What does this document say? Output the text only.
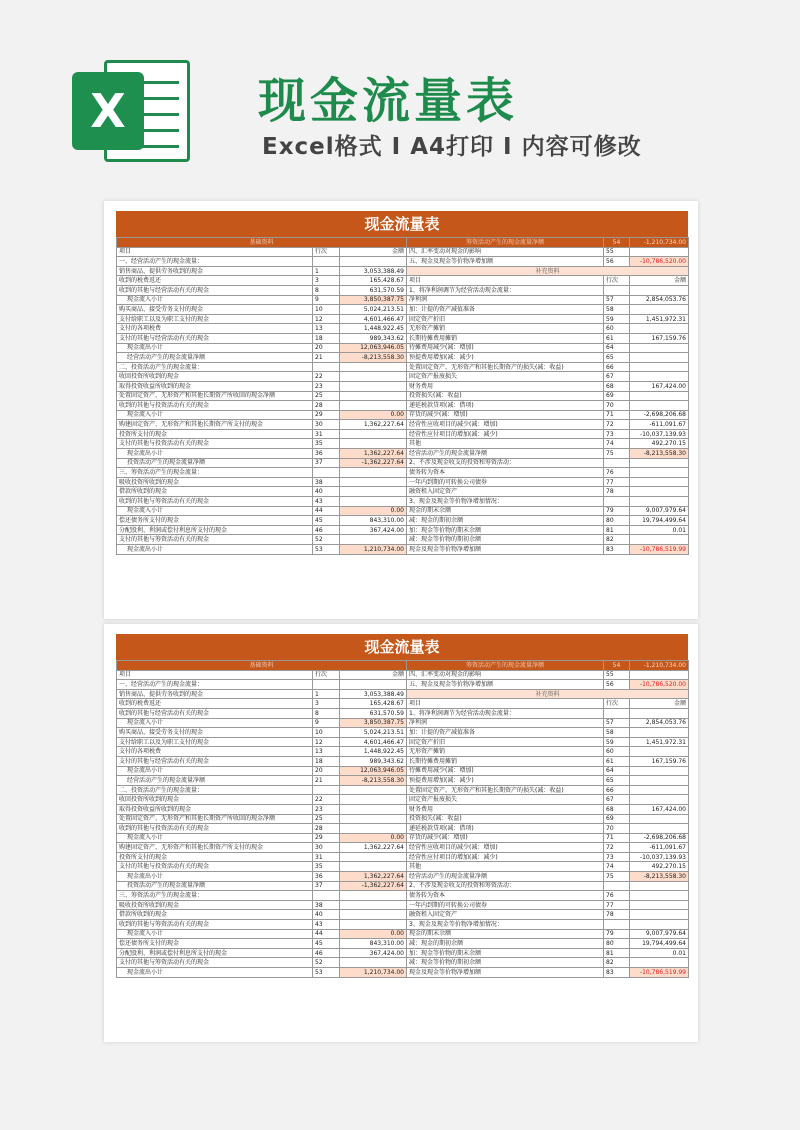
X	现金流量表
Excel格式 I A4打印 I 内容可修改
现金流量表
基础资料			筹资活动产生的现金流量净额	54	-1,210,734.00
项目	行次	金额	四、汇率变动对现金的影响	55	
一、经营活动产生的现金流量：			五、现金及现金等价物净增加额	56	-10,786,520.00
销售商品、提供劳务收到的现金	1	3,053,388.49	补充资料		
收到的税费返还	3	165,428.67	项目	行次	金额
收到的其他与经营活动有关的现金	8	631,570.59	1、将净利润调节为经营活动现金流量：		
现金流入小计	9	3,850,387.75	净利润	57	2,854,053.76
购买商品、接受劳务支付的现金	10	5,024,213.51	加：计提的资产减值准备	58	
支付给职工以及为职工支付的现金	12	4,601,466.47	固定资产折旧	59	1,451,972.31
支付的各项税费	13	1,448,922.45	无形资产摊销	60	
支付的其他与经营活动有关的现金	18	989,343.62	长期待摊费用摊销	61	167,159.76
现金流出小计	20	12,063,946.05	待摊费用减少(减：增加)	64	
经营活动产生的现金流量净额	21	-8,213,558.30	预提费用增加(减：减少)	65	
二、投资活动产生的现金流量：			处置固定资产、无形资产和其他长期资产的损失(减：收益)	66	
收回投资所收到的现金	22		固定资产报废损失	67	
取得投资收益所收到的现金	23		财务费用	68	167,424.00
处置固定资产、无形资产和其他长期资产所收回的现金净额	25		投资损失(减：收益)	69	
收到的其他与投资活动有关的现金	28		递延税款贷项(减：借项)	70	
现金流入小计	29	0.00	存货的减少(减：增加)	71	-2,698,206.68
购建固定资产、无形资产和其他长期资产所支付的现金	30	1,362,227.64	经营性应收项目的减少(减：增加)	72	-611,091.67
投资所支付的现金	31		经营性应付项目的增加(减：减少)	73	-10,037,139.93
支付的其他与投资活动有关的现金	35		其他	74	492,270.15
现金流出小计	36	1,362,227.64	经营活动产生的现金流量净额	75	-8,213,558.30
投资活动产生的现金流量净额	37	-1,362,227.64	2、不涉及现金收支的投资和筹资活动：		
三、筹资活动产生的现金流量：			债务转为资本	76	
吸收投资所收到的现金	38		一年内到期的可转换公司债券	77	
借款所收到的现金	40		融资租入固定资产	78	
收到的其他与筹资活动有关的现金	43		3、现金及现金等价物净增加情况：		
现金流入小计	44	0.00	现金的期末余额	79	9,007,979.64
偿还债务所支付的现金	45	843,310.00	减：现金的期初余额	80	19,794,499.64
分配股利、利润或偿付利息所支付的现金	46	367,424.00	加：现金等价物的期末余额	81	0.01
支付的其他与筹资活动有关的现金	52		减：现金等价物的期初余额	82	
现金流出小计	53	1,210,734.00	现金及现金等价物净增加额	83	-10,786,519.99
现金流量表
基础资料			筹资活动产生的现金流量净额	54	-1,210,734.00
项目	行次	金额	四、汇率变动对现金的影响	55	
一、经营活动产生的现金流量：			五、现金及现金等价物净增加额	56	-10,786,520.00
销售商品、提供劳务收到的现金	1	3,053,388.49	补充资料		
收到的税费返还	3	165,428.67	项目	行次	金额
收到的其他与经营活动有关的现金	8	631,570.59	1、将净利润调节为经营活动现金流量：		
现金流入小计	9	3,850,387.75	净利润	57	2,854,053.76
购买商品、接受劳务支付的现金	10	5,024,213.51	加：计提的资产减值准备	58	
支付给职工以及为职工支付的现金	12	4,601,466.47	固定资产折旧	59	1,451,972.31
支付的各项税费	13	1,448,922.45	无形资产摊销	60	
支付的其他与经营活动有关的现金	18	989,343.62	长期待摊费用摊销	61	167,159.76
现金流出小计	20	12,063,946.05	待摊费用减少(减：增加)	64	
经营活动产生的现金流量净额	21	-8,213,558.30	预提费用增加(减：减少)	65	
二、投资活动产生的现金流量：			处置固定资产、无形资产和其他长期资产的损失(减：收益)	66	
收回投资所收到的现金	22		固定资产报废损失	67	
取得投资收益所收到的现金	23		财务费用	68	167,424.00
处置固定资产、无形资产和其他长期资产所收回的现金净额	25		投资损失(减：收益)	69	
收到的其他与投资活动有关的现金	28		递延税款贷项(减：借项)	70	
现金流入小计	29	0.00	存货的减少(减：增加)	71	-2,698,206.68
购建固定资产、无形资产和其他长期资产所支付的现金	30	1,362,227.64	经营性应收项目的减少(减：增加)	72	-611,091.67
投资所支付的现金	31		经营性应付项目的增加(减：减少)	73	-10,037,139.93
支付的其他与投资活动有关的现金	35		其他	74	492,270.15
现金流出小计	36	1,362,227.64	经营活动产生的现金流量净额	75	-8,213,558.30
投资活动产生的现金流量净额	37	-1,362,227.64	2、不涉及现金收支的投资和筹资活动：		
三、筹资活动产生的现金流量：			债务转为资本	76	
吸收投资所收到的现金	38		一年内到期的可转换公司债券	77	
借款所收到的现金	40		融资租入固定资产	78	
收到的其他与筹资活动有关的现金	43		3、现金及现金等价物净增加情况：		
现金流入小计	44	0.00	现金的期末余额	79	9,007,979.64
偿还债务所支付的现金	45	843,310.00	减：现金的期初余额	80	19,794,499.64
分配股利、利润或偿付利息所支付的现金	46	367,424.00	加：现金等价物的期末余额	81	0.01
支付的其他与筹资活动有关的现金	52		减：现金等价物的期初余额	82	
现金流出小计	53	1,210,734.00	现金及现金等价物净增加额	83	-10,786,519.99
